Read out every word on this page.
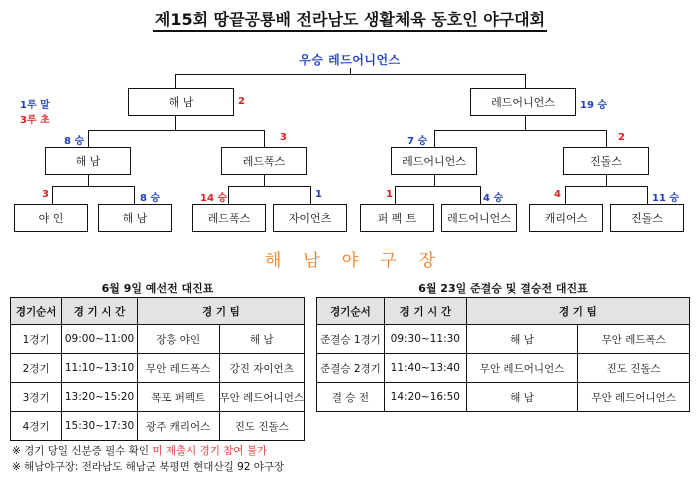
제15회 땅끝공룡배 전라남도 생활체육 동호인 야구대회
우승 레드어니언스
1루 말
3루 초
해 남	2	레드어니언스	19 승
8 승
해 남
3
레드폭스
7 승
레드어니언스
2
진돌스
3
야 인
8 승
해 남
14 승
레드폭스
1
자이언츠
1
퍼 펙 트
4 승
레드어니언스
4
캐리어스
11 승
진돌스
해남야구장
6월 9일 예선전 대진표
경기순서	경 기 시 간	경 기 팀	
1경기	09:00~11:00	장흥 야인	해 남
2경기	11:10~13:10	무안 레드폭스	강진 자이언츠
3경기	13:20~15:20	목포 퍼펙트	무안 레드어니언스
4경기	15:30~17:30	광주 캐리어스	진도 진돌스
6월 23일 준결승 및 결승전 대진표
경기순서	경 기 시 간	경 기 팀	
준결승 1경기	09:30~11:30	해 남	무안 레드폭스
준결승 2경기	11:40~13:40	무안 레드어니언스	진도 진돌스
결 승 전	14:20~16:50	해 남	무안 레드어니언스
※ 경기 당일 신분증 필수 확인 미 제출시 경기 참여 불가
※ 해남야구장: 전라남도 해남군 북평면 현대산길 92 야구장
